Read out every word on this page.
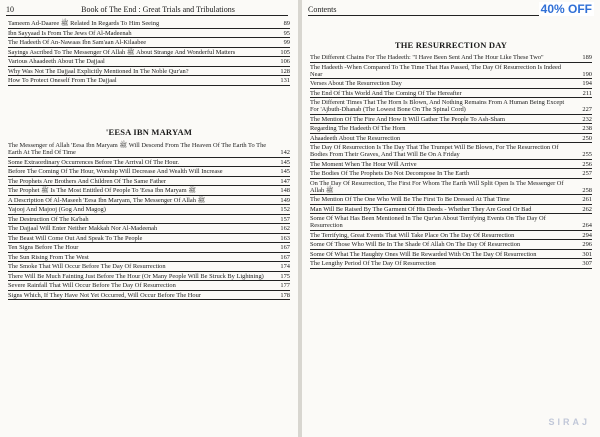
10	Book of The End : Great Trials and Tribulations
Tameem Ad-Daaree ﷺ Related In Regards To Him Seeing	89
Ibn Sayyaad Is From The Jews Of Al-Madeenah	95
The Hadeeth Of An-Nawaas Ibn Sam'aan Al-Kilaabee	99
Sayings Ascribed To The Messenger Of Allah ﷺ About Strange And Wonderful Matters	105
Various Ahaadeeth About The Dajjaal	106
Why Was Not The Dajjaal Explicitly Mentioned In The Noble Qur'an?	128
How To Protect Oneself From The Dajjaal	131
'EESA IBN MARYAM
The Messenger of Allah 'Eesa Ibn Maryam ﷺ Will Descend From The Heaven Of The Earth To The Earth At The End Of Time	142
Some Extraordinary Occurrences Before The Arrival Of The Hour.	145
Before The Coming Of The Hour, Worship Will Decrease And Wealth Will Increase	145
The Prophets Are Brothers And Children Of The Same Father	147
The Prophet ﷺ Is The Most Entitled Of People To 'Eesa Ibn Maryam ﷺ	148
A Description Of Al-Maseeh 'Eesa Ibn Maryam, The Messenger Of Allah ﷺ	149
Yajooj And Majooj (Gog And Magog)	152
The Destruction Of The Ka'bah	157
The Dajjaal Will Enter Neither Makkah Nor Al-Madeenah	162
The Beast Will Come Out And Speak To The People	163
Ten Signs Before The Hour	167
The Sun Rising From The West	167
The Smoke That Will Occur Before The Day Of Resurrection	174
There Will Be Much Fainting Just Before The Hour (Or Many People Will Be Struck By Lightning)	175
Severe Rainfall That Will Occur Before The Day Of Resurrection	177
Signs Which, If They Have Not Yet Occurred, Will Occur Before The Hour	178
Contents
THE RESURRECTION DAY
The Different Chains For The Hadeeth: "I Have Been Sent And The Hour Like These Two"	189
The Hadeeth -When Compared To The Time That Has Passed, The Day Of Resurrection Is Indeed Near	190
Verses About The Resurrection Day	194
The End Of This World And The Coming Of The Hereafter	211
The Different Times That The Horn Is Blown, And Nothing Remains From A Human Being Except For 'Ajbuth-Dhanab (The Lowest Bone On The Spinal Cord)	227
The Mention Of The Fire And How It Will Gather The People To Ash-Sham	232
Regarding The Hadeeth Of The Horn	238
Ahaadeeth About The Resurrection	250
The Day Of Resurrection Is The Day That The Trumpet Will Be Blown, For The Resurrection Of Bodies From Their Graves, And That Will Be On A Friday	255
The Moment When The Hour Will Arrive	256
The Bodies Of The Prophets Do Not Decompose In The Earth	257
On The Day Of Resurrection, The First For Whom The Earth Will Split Open Is The Messenger Of Allah ﷺ	258
The Mention Of The One Who Will Be The First To Be Dressed At That Time	261
Man Will Be Raised By The Garment Of His Deeds - Whether They Are Good Or Bad	262
Some Of What Has Been Mentioned In The Qur'an About Terrifying Events On The Day Of Resurrection	264
The Terrifying, Great Events That Will Take Place On The Day Of Resurrection	294
Some Of Those Who Will Be In The Shade Of Allah On The Day Of Resurrection	296
Some Of What The Haughty Ones Will Be Rewarded With On The Day Of Resurrection	301
The Lengthy Period Of The Day Of Resurrection	307
SIRAJ
40% OFF
